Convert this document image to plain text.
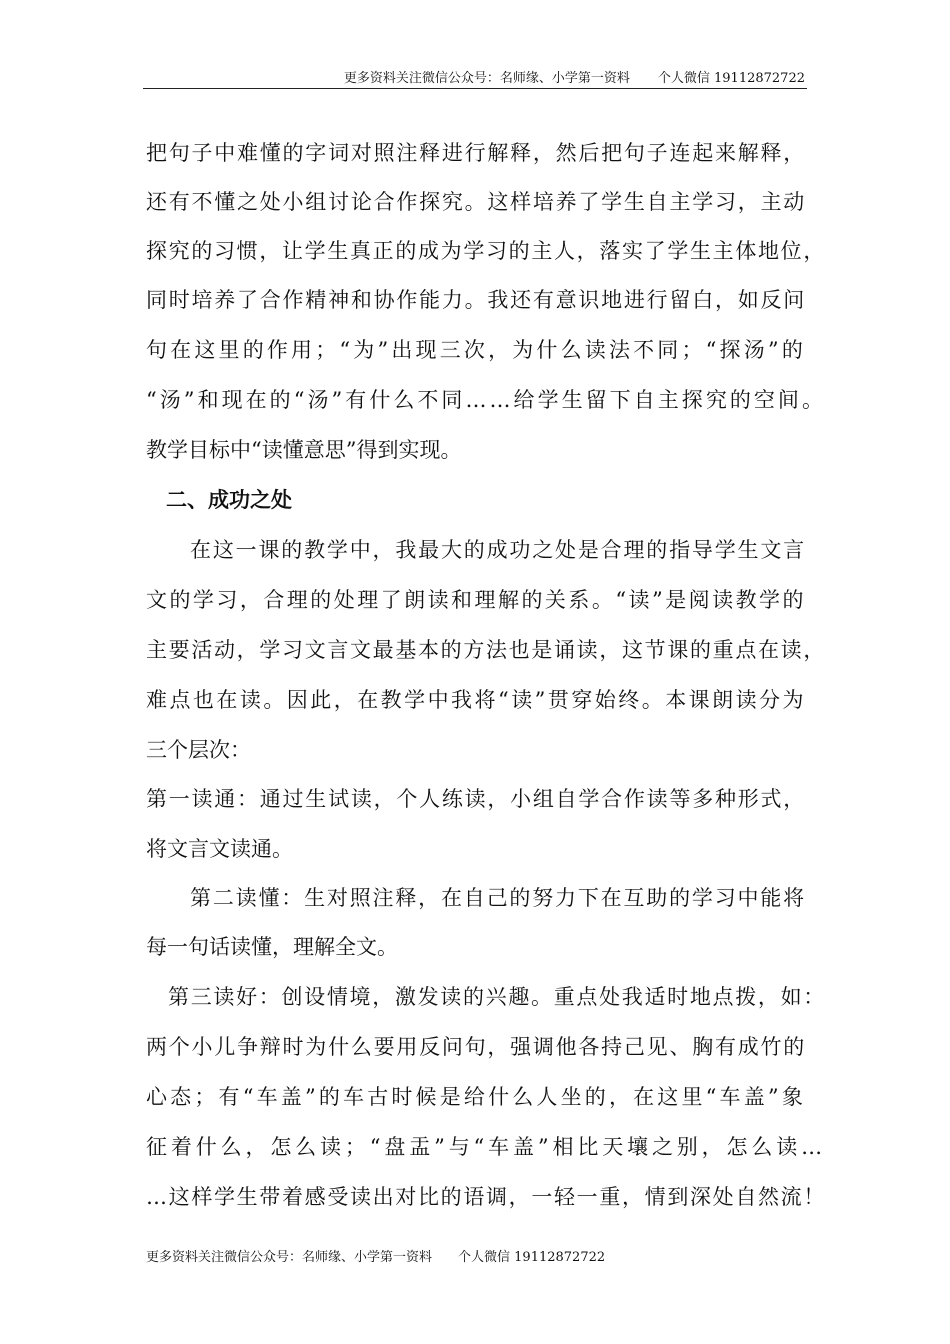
更多资料关注微信公众号：名师缘、小学第一资料 个人微信 19112872722
把句子中难懂的字词对照注释进行解释，然后把句子连起来解释，
还有不懂之处小组讨论合作探究。这样培养了学生自主学习，主动
探究的习惯，让学生真正的成为学习的主人，落实了学生主体地位，
同时培养了合作精神和协作能力。我还有意识地进行留白，如反问
句在这里的作用；“为”出现三次，为什么读法不同；“探汤”的
“汤”和现在的“汤”有什么不同……给学生留下自主探究的空间。
教学目标中“读懂意思”得到实现。
二、成功之处
在这一课的教学中，我最大的成功之处是合理的指导学生文言
文的学习，合理的处理了朗读和理解的关系。“读”是阅读教学的
主要活动，学习文言文最基本的方法也是诵读，这节课的重点在读，
难点也在读。因此，在教学中我将“读”贯穿始终。本课朗读分为
三个层次：
第一读通：通过生试读，个人练读，小组自学合作读等多种形式，
将文言文读通。
第二读懂：生对照注释，在自己的努力下在互助的学习中能将
每一句话读懂，理解全文。
第三读好：创设情境，激发读的兴趣。重点处我适时地点拨，如：
两个小儿争辩时为什么要用反问句，强调他各持己见、胸有成竹的
心态；有“车盖”的车古时候是给什么人坐的，在这里“车盖”象
征着什么，怎么读；“盘盂”与“车盖”相比天壤之别，怎么读…
…这样学生带着感受读出对比的语调，一轻一重，情到深处自然流！
更多资料关注微信公众号：名师缘、小学第一资料 个人微信 19112872722
